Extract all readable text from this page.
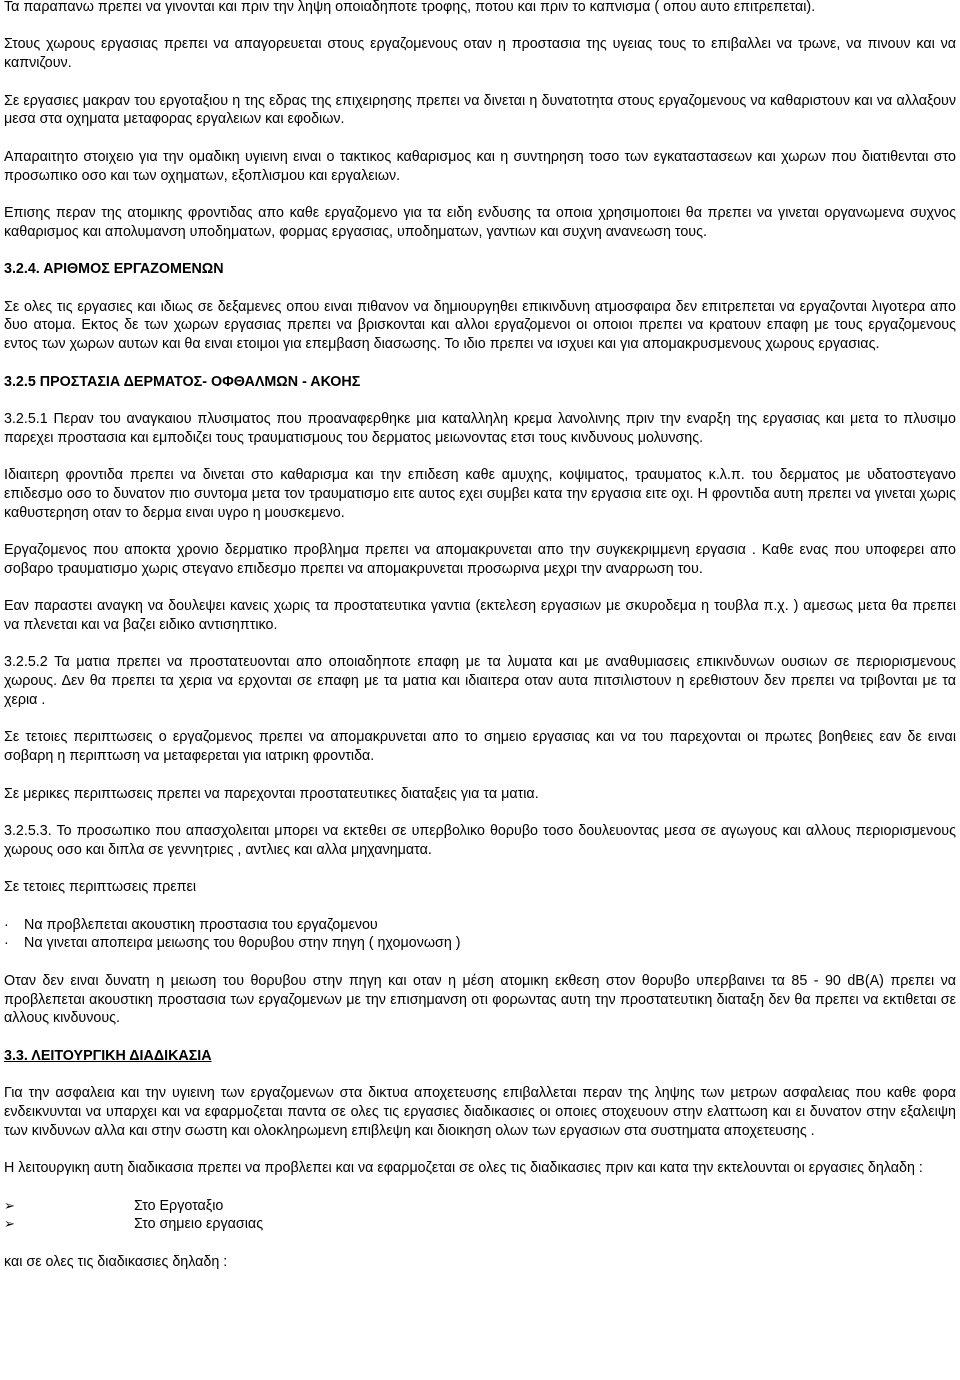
Τα παραπανω πρεπει να γινονται και πριν την ληψη οποιαδηποτε τροφης, ποτου και πριν το καπνισμα ( οπου αυτο επιτρεπεται).

Στους χωρους εργασιας πρεπει να απαγορευεται στους εργαζομενους οταν η προστασια της υγειας τους το επιβαλλει να τρωνε, να πινουν και να καπνιζουν.

Σε εργασιες μακραν του εργοταξιου η της εδρας της επιχειρησης πρεπει να δινεται η δυνατοτητα στους εργαζομενους να καθαριστουν και να αλλαξουν μεσα στα οχηματα μεταφορας εργαλειων και εφοδιων.

Απαραιτητο στοιχειο για την ομαδικη υγιεινη ειναι ο τακτικος καθαρισμος και η συντηρηση τοσο των εγκαταστασεων και χωρων που διατιθενται στο προσωπικο οσο και των οχηματων, εξοπλισμου και εργαλειων.

Επισης περαν της ατομικης φροντιδας απο καθε εργαζομενο για τα ειδη ενδυσης τα οποια χρησιμοποιει θα πρεπει να γινεται οργανωμενα συχνος καθαρισμος και απολυμανση υποδηματων, φορμας εργασιας, υποδηματων, γαντιων και συχνη ανανεωση τους.

3.2.4. ΑΡΙΘΜΟΣ ΕΡΓΑΖΟΜΕΝΩΝ

Σε ολες τις εργασιες και ιδιως σε δεξαμενες οπου ειναι πιθανον να δημιουργηθει επικινδυνη ατμοσφαιρα δεν επιτρεπεται να εργαζονται λιγοτερα απο δυο ατομα. Εκτος δε των χωρων εργασιας πρεπει να βρισκονται και αλλοι εργαζομενοι οι οποιοι πρεπει να κρατουν επαφη με τους εργαζομενους εντος των χωρων αυτων και θα ειναι ετοιμοι για επεμβαση διασωσης. Το ιδιο πρεπει να ισχυει και για απομακρυσμενους χωρους εργασιας.

3.2.5 ΠΡΟΣΤΑΣΙΑ ΔΕΡΜΑΤΟΣ- ΟΦΘΑΛΜΩΝ - ΑΚΟΗΣ

3.2.5.1 Περαν του αναγκαιου πλυσιματος που προαναφερθηκε μια καταλληλη κρεμα λανολινης πριν την εναρξη της εργασιας και μετα το πλυσιμο παρεχει προστασια και εμποδιζει τους τραυματισμους του δερματος μειωνοντας ετσι τους κινδυνους μολυνσης.

Ιδιαιτερη φροντιδα πρεπει να δινεται στο καθαρισμα και την επιδεση καθε αμυχης, κοψιματος, τραυματος κ.λ.π. του δερματος με υδατοστεγανο επιδεσμο οσο το δυνατον πιο συντομα μετα τον τραυματισμο ειτε αυτος εχει συμβει κατα την εργασια ειτε οχι. Η φροντιδα αυτη πρεπει να γινεται χωρις καθυστερηση οταν το δερμα ειναι υγρο η μουσκεμενο.

Εργαζομενος που αποκτα χρονιο δερματικο προβλημα πρεπει να απομακρυνεται απο την συγκεκριμμενη εργασια . Καθε ενας που υποφερει απο σοβαρο τραυματισμο χωρις στεγανο επιδεσμο πρεπει να απομακρυνεται προσωρινα μεχρι την αναρρωση του.

Εαν παραστει αναγκη να δουλεψει κανεις χωρις τα προστατευτικα γαντια (εκτελεση εργασιων με σκυροδεμα η τουβλα π.χ. ) αμεσως μετα θα πρεπει να πλενεται και να βαζει ειδικο αντισηπτικο.

3.2.5.2 Τα ματια πρεπει να προστατευονται απο οποιαδηποτε επαφη με τα λυματα και με αναθυμιασεις επικινδυνων ουσιων σε περιορισμενους χωρους. Δεν θα πρεπει τα χερια να ερχονται σε επαφη με τα ματια και ιδιαιτερα οταν αυτα πιτσιλιστουν η ερεθιστουν δεν πρεπει να τριβονται με τα χερια .

Σε τετοιες περιπτωσεις ο εργαζομενος πρεπει να απομακρυνεται απο το σημειο εργασιας και να του παρεχονται οι πρωτες βοηθειες εαν δε ειναι σοβαρη η περιπτωση να μεταφερεται για ιατρικη φροντιδα.

Σε μερικες περιπτωσεις πρεπει να παρεχονται προστατευτικες διαταξεις για τα ματια.

3.2.5.3. Το προσωπικο που απασχολειται μπορει να εκτεθει σε υπερβολικο θορυβο τοσο δουλευοντας μεσα σε αγωγους και αλλους περιορισμενους χωρους οσο και διπλα σε γεννητριες , αντλιες και αλλα μηχανηματα.

Σε τετοιες περιπτωσεις πρεπει

· Να προβλεπεται ακουστικη προστασια του εργαζομενου
· Να γινεται αποπειρα μειωσης του θορυβου στην πηγη ( ηχομονωση )

Οταν δεν ειναι δυνατη η μειωση του θορυβου στην πηγη και οταν η μέση ατομικη εκθεση στον θορυβο υπερβαινει τα 85 - 90 dB(A) πρεπει να προβλεπεται ακουστικη προστασια των εργαζομενων με την επισημανση οτι φορωντας αυτη την προστατευτικη διαταξη δεν θα πρεπει να εκτιθεται σε αλλους κινδυνους.

3.3. ΛΕΙΤΟΥΡΓΙΚΗ ΔΙΑΔΙΚΑΣΙΑ

Για την ασφαλεια και την υγιεινη των εργαζομενων στα δικτυα αποχετευσης επιβαλλεται περαν της ληψης των μετρων ασφαλειας που καθε φορα ενδεικνυνται να υπαρχει και να εφαρμοζεται παντα σε ολες τις εργασιες διαδικασιες οι οποιες στοχευουν στην ελαττωση και ει δυνατον στην εξαλειψη των κινδυνων αλλα και στην σωστη και ολοκληρωμενη επιβλεψη και διοικηση ολων των εργασιων στα συστηματα αποχετευσης .

Η λειτουργικη αυτη διαδικασια πρεπει να προβλεπει και να εφαρμοζεται σε ολες τις διαδικασιες πριν και κατα την εκτελουνται οι εργασιες δηλαδη :

➢	Στο Εργοταξιο
➢	Στο σημειο εργασιας

και σε ολες τις διαδικασιες δηλαδη :
